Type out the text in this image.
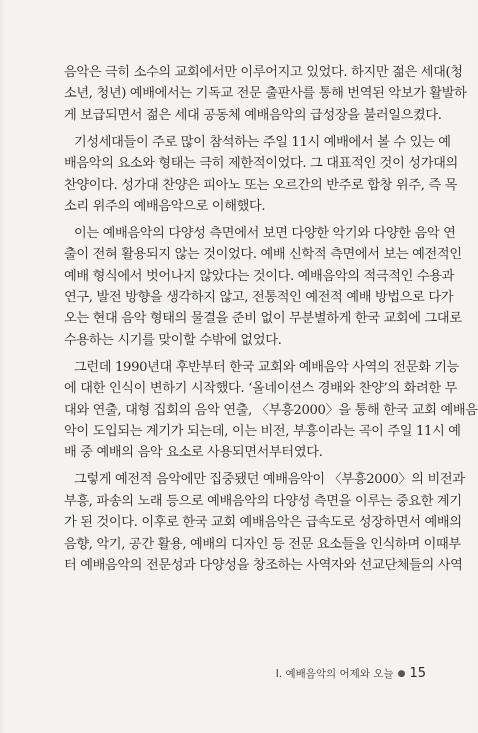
음악은 극히 소수의 교회에서만 이루어지고 있었다. 하지만 젊은 세대(청
소년, 청년) 예배에서는 기독교 전문 출판사를 통해 번역된 악보가 활발하
게 보급되면서 젊은 세대 공동체 예배음악의 급성장을 불러일으켰다.

기성세대들이 주로 많이 참석하는 주일 11시 예배에서 볼 수 있는 예
배음악의 요소와 형태는 극히 제한적이었다. 그 대표적인 것이 성가대의
찬양이다. 성가대 찬양은 피아노 또는 오르간의 반주로 합창 위주, 즉 목
소리 위주의 예배음악으로 이해했다.

이는 예배음악의 다양성 측면에서 보면 다양한 악기와 다양한 음악 연
출이 전혀 활용되지 않는 것이었다. 예배 신학적 측면에서 보는 예전적인
예배 형식에서 벗어나지 않았다는 것이다. 예배음악의 적극적인 수용과
연구, 발전 방향을 생각하지 않고, 전통적인 예전적 예배 방법으로 다가
오는 현대 음악 형태의 물결을 준비 없이 무분별하게 한국 교회에 그대로
수용하는 시기를 맞이할 수밖에 없었다.

그런데 1990년대 후반부터 한국 교회와 예배음악 사역의 전문화 기능
에 대한 인식이 변하기 시작했다. ‘올네이션스 경배와 찬양’의 화려한 무
대와 연출, 대형 집회의 음악 연출, 〈부흥2000〉을 통해 한국 교회 예배음
악이 도입되는 계기가 되는데, 이는 비전, 부흥이라는 곡이 주일 11시 예
배 중 예배의 음악 요소로 사용되면서부터였다.

그렇게 예전적 음악에만 집중됐던 예배음악이 〈부흥2000〉의 비전과
부흥, 파송의 노래 등으로 예배음악의 다양성 측면을 이루는 중요한 계기
가 된 것이다. 이후로 한국 교회 예배음악은 급속도로 성장하면서 예배의
음향, 악기, 공간 활용, 예배의 디자인 등 전문 요소들을 인식하며 이때부
터 예배음악의 전문성과 다양성을 창조하는 사역자와 선교단체들의 사역

I. 예배음악의 어제와 오늘 ● 15
